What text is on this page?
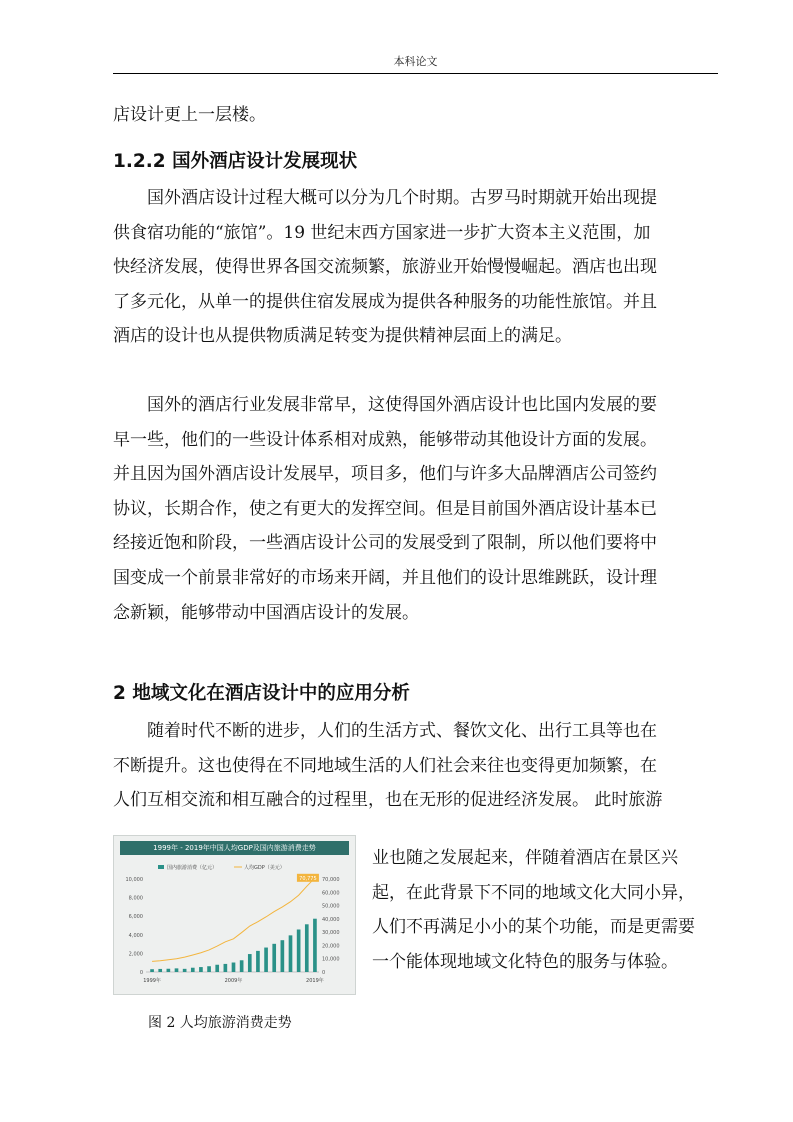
本科论文
店设计更上一层楼。
1.2.2 国外酒店设计发展现状
　　国外酒店设计过程大概可以分为几个时期。古罗马时期就开始出现提
供食宿功能的“旅馆”。19 世纪末西方国家进一步扩大资本主义范围，加
快经济发展，使得世界各国交流频繁，旅游业开始慢慢崛起。酒店也出现
了多元化，从单一的提供住宿发展成为提供各种服务的功能性旅馆。并且
酒店的设计也从提供物质满足转变为提供精神层面上的满足。
　　国外的酒店行业发展非常早，这使得国外酒店设计也比国内发展的要
早一些，他们的一些设计体系相对成熟，能够带动其他设计方面的发展。
并且因为国外酒店设计发展早，项目多，他们与许多大品牌酒店公司签约
协议，长期合作，使之有更大的发挥空间。但是目前国外酒店设计基本已
经接近饱和阶段，一些酒店设计公司的发展受到了限制，所以他们要将中
国变成一个前景非常好的市场来开阔，并且他们的设计思维跳跃，设计理
念新颖，能够带动中国酒店设计的发展。
2 地域文化在酒店设计中的应用分析
　　随着时代不断的进步，人们的生活方式、餐饮文化、出行工具等也在
不断提升。这也使得在不同地域生活的人们社会来往也变得更加频繁，在
人们互相交流和相互融合的过程里，也在无形的促进经济发展。 此时旅游
业也随之发展起来，伴随着酒店在景区兴
起，在此背景下不同的地域文化大同小异，
人们不再满足小小的某个功能，而是更需要
一个能体现地域文化特色的服务与体验。
1999年 - 2019年中国人均GDP及国内旅游消费走势
国内旅游消费（亿元）	人均GDP（美元）
0
2,000
4,000
6,000
8,000
10,000
0
10,000
20,000
30,000
40,000
50,000
60,000
70,000
70,775
1999年	2009年	2019年
图 2 人均旅游消费走势
